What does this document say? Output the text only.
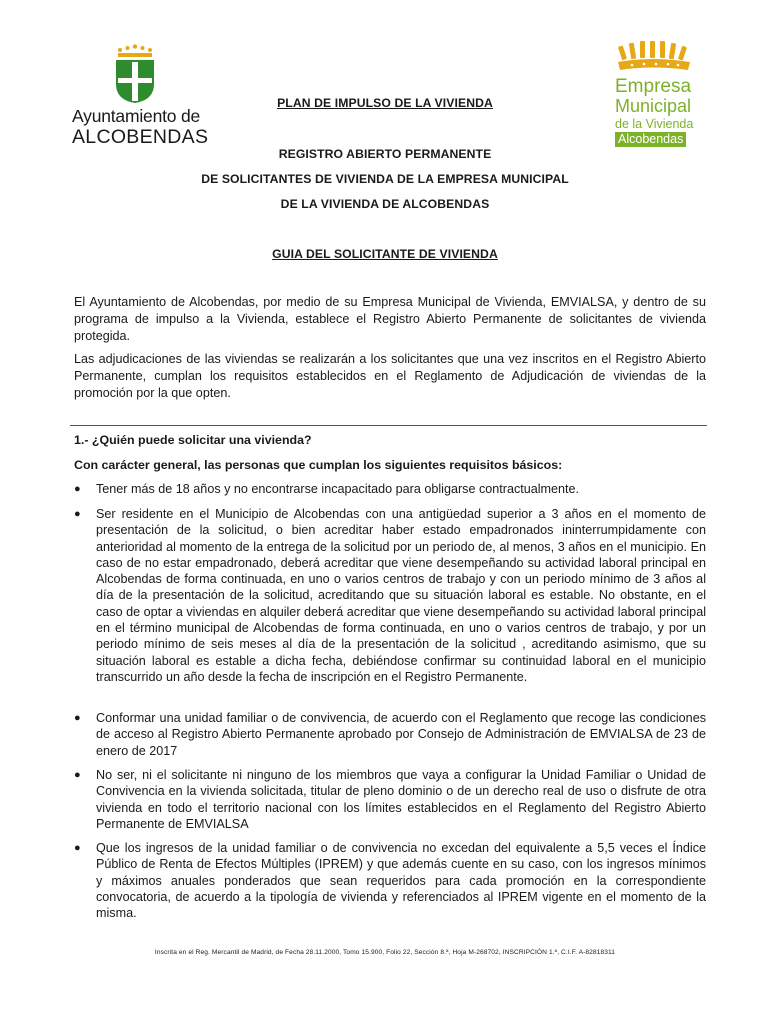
Ayuntamiento de
ALCOBENDAS
Empresa
Municipal
de la Vivienda
Alcobendas
PLAN DE IMPULSO DE LA VIVIENDA
REGISTRO ABIERTO PERMANENTE
DE SOLICITANTES DE VIVIENDA DE LA EMPRESA MUNICIPAL
DE LA VIVIENDA DE ALCOBENDAS
GUIA DEL SOLICITANTE DE VIVIENDA
El Ayuntamiento de Alcobendas, por medio de su Empresa Municipal de Vivienda, EMVIALSA, y dentro de su programa de impulso a la Vivienda, establece el Registro Abierto Permanente de solicitantes de vivienda protegida.
Las adjudicaciones de las viviendas se realizarán a los solicitantes que una vez inscritos en el Registro Abierto Permanente, cumplan los requisitos establecidos en el Reglamento de Adjudicación de viviendas de la promoción por la que opten.
1.- ¿Quién puede solicitar una vivienda?
Con carácter general, las personas que cumplan los siguientes requisitos básicos:
●	Tener más de 18 años y no encontrarse incapacitado para obligarse contractualmente.
●	Ser residente en el Municipio de Alcobendas con una antigüedad superior a 3 años en el momento de presentación de la solicitud, o bien acreditar haber estado empadronados ininterrumpidamente con anterioridad al momento de la entrega de la solicitud por un periodo de, al menos, 3 años en el municipio. En caso de no estar empadronado, deberá acreditar que viene desempeñando su actividad laboral principal en Alcobendas de forma continuada, en uno o varios centros de trabajo y con un periodo mínimo de 3 años al día de la presentación de la solicitud, acreditando que su situación laboral es estable. No obstante, en el caso de optar a viviendas en alquiler deberá acreditar que viene desempeñando su actividad laboral principal en el término municipal de Alcobendas de forma continuada, en uno o varios centros de trabajo, y por un periodo mínimo de seis meses al día de la presentación de la solicitud , acreditando asimismo, que su situación laboral es estable a dicha fecha, debiéndose confirmar su continuidad laboral en el municipio transcurrido un año desde la fecha de inscripción en el Registro Permanente.
●	Conformar una unidad familiar o de convivencia, de acuerdo con el Reglamento que recoge las condiciones de acceso al Registro Abierto Permanente aprobado por Consejo de Administración de EMVIALSA de 23 de enero de 2017
●	No ser, ni el solicitante ni ninguno de los miembros que vaya a configurar la Unidad Familiar o Unidad de Convivencia en la vivienda solicitada, titular de pleno dominio o de un derecho real de uso o disfrute de otra vivienda en todo el territorio nacional con los límites establecidos en el Reglamento del Registro Abierto Permanente de EMVIALSA
●	Que los ingresos de la unidad familiar o de convivencia no excedan del equivalente a 5,5 veces el Índice Público de Renta de Efectos Múltiples (IPREM) y que además cuente en su caso, con los ingresos mínimos y máximos anuales ponderados que sean requeridos para cada promoción en la correspondiente convocatoria, de acuerdo a la tipología de vivienda y referenciados al IPREM vigente en el momento de la misma.
Inscrita en el Reg. Mercantil de Madrid, de Fecha 28.11.2000, Tomo 15.900, Folio 22, Sección 8.ª, Hoja M-268702, INSCRIPCIÓN 1.ª, C.I.F. A-82818311
